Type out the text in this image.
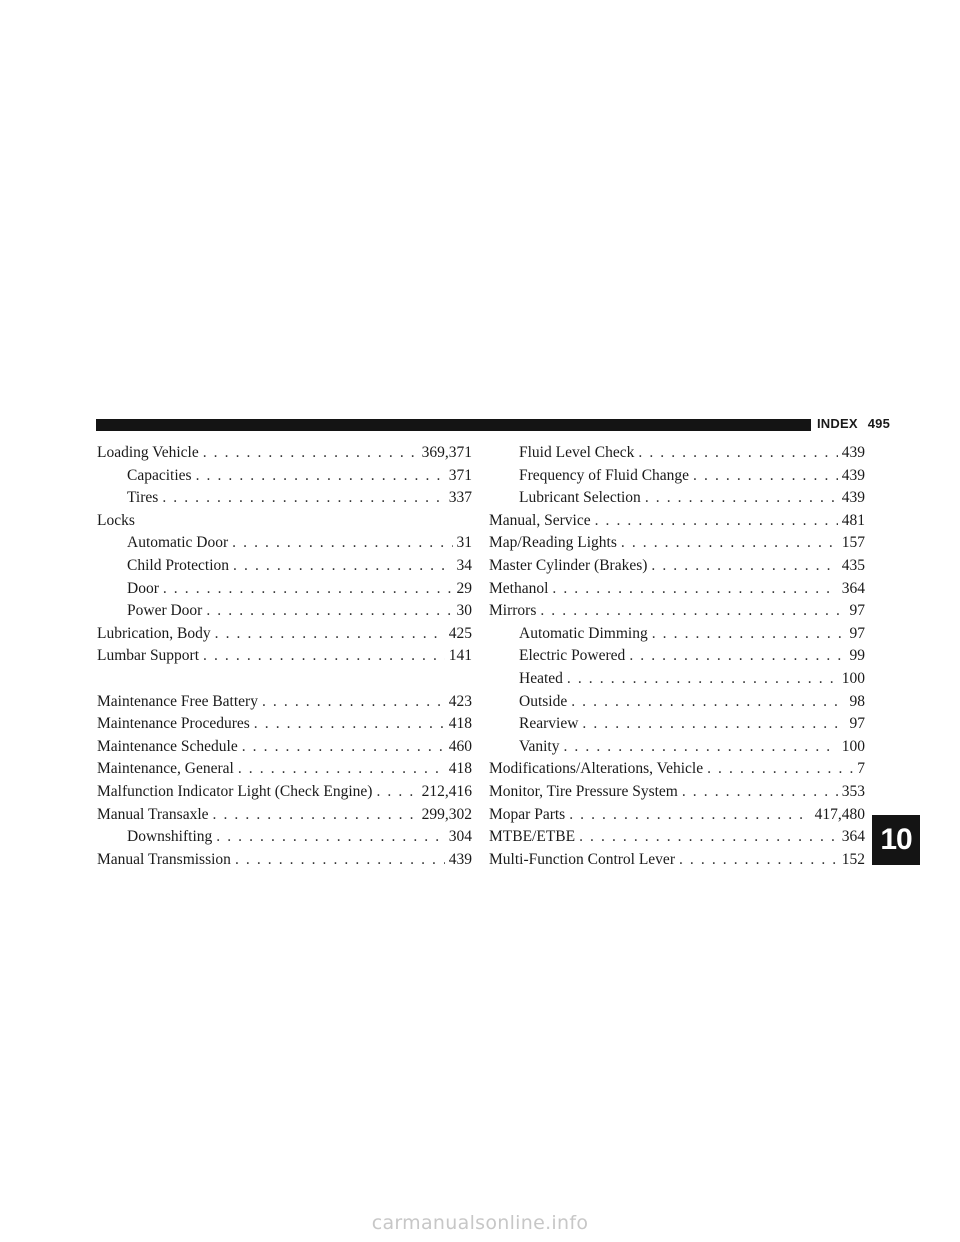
INDEX 495
Loading Vehicle . . .	369,371
Capacities . . .	371
Tires . . .	337
Locks
Automatic Door . . .	31
Child Protection . . .	34
Door . . .	29
Power Door . . .	30
Lubrication, Body . . .	425
Lumbar Support . . .	141
Maintenance Free Battery . . .	423
Maintenance Procedures . . .	418
Maintenance Schedule . . .	460
Maintenance, General . . .	418
Malfunction Indicator Light (Check Engine) . . .	212,416
Manual Transaxle . . .	299,302
Downshifting . . .	304
Manual Transmission . . .	439
Fluid Level Check . . .	439
Frequency of Fluid Change . . .	439
Lubricant Selection . . .	439
Manual, Service . . .	481
Map/Reading Lights . . .	157
Master Cylinder (Brakes) . . .	435
Methanol . . .	364
Mirrors . . .	97
Automatic Dimming . . .	97
Electric Powered . . .	99
Heated . . .	100
Outside . . .	98
Rearview . . .	97
Vanity . . .	100
Modifications/Alterations, Vehicle . . .	7
Monitor, Tire Pressure System . . .	353
Mopar Parts . . .	417,480
MTBE/ETBE . . .	364
Multi-Function Control Lever . . .	152
10
carmanualsonline.info
